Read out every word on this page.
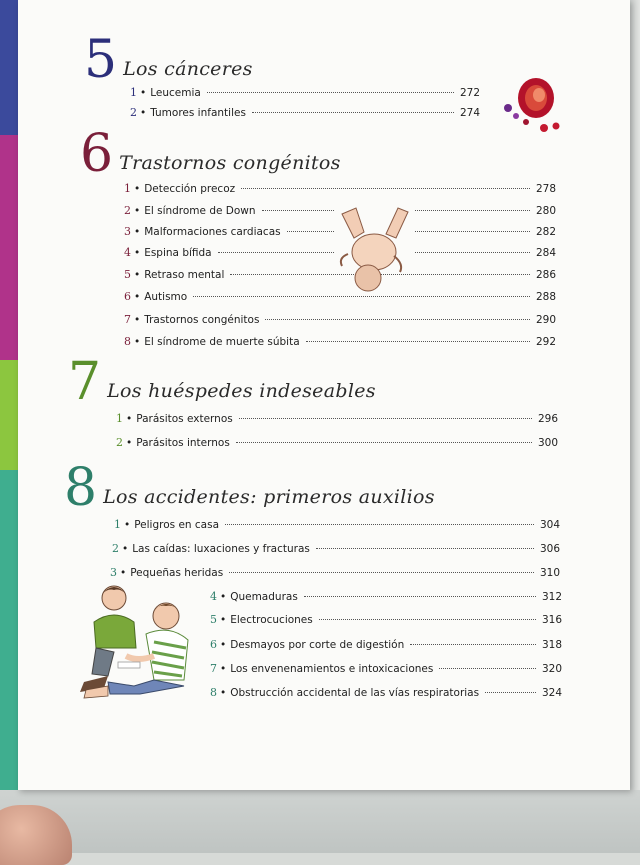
5 Los cánceres
1 • Leucemia	272
2 • Tumores infantiles	274
6 Trastornos congénitos
1 • Detección precoz	278
2 • El síndrome de Down	280
3 • Malformaciones cardiacas	282
4 • Espina bífida	284
5 • Retraso mental	286
6 • Autismo	288
7 • Trastornos congénitos	290
8 • El síndrome de muerte súbita	292
7 Los huéspedes indeseables
1 • Parásitos externos	296
2 • Parásitos internos	300
8 Los accidentes: primeros auxilios
1 • Peligros en casa	304
2 • Las caídas: luxaciones y fracturas	306
3 • Pequeñas heridas	310
4 • Quemaduras	312
5 • Electrocuciones	316
6 • Desmayos por corte de digestión	318
7 • Los envenenamientos e intoxicaciones	320
8 • Obstrucción accidental de las vías respiratorias	324
